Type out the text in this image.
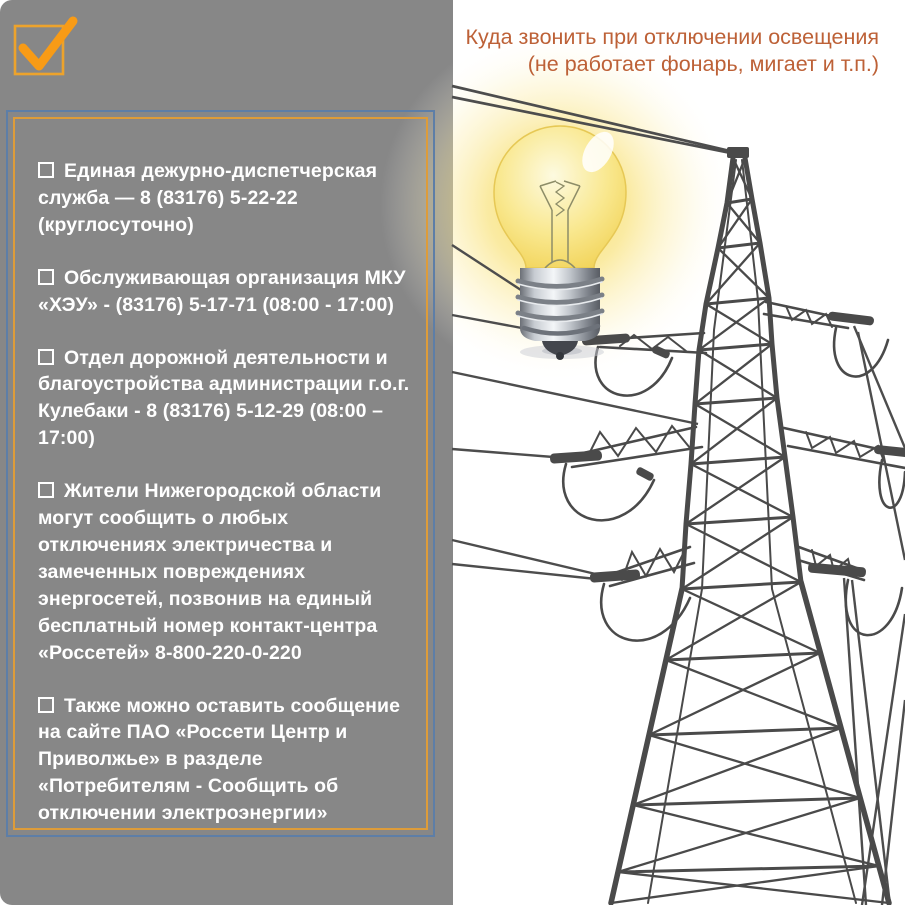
Куда звонить при отключении освещения
(не работает фонарь, мигает и т.п.)

Единая дежурно-диспетчерская служба — 8 (83176) 5-22-22 (круглосуточно)

Обслуживающая организация МКУ «ХЭУ» - (83176) 5-17-71 (08:00 - 17:00)

Отдел дорожной деятельности и благоустройства администрации г.о.г. Кулебаки - 8 (83176) 5-12-29 (08:00 – 17:00)

Жители Нижегородской области могут сообщить о любых отключениях электричества и замеченных повреждениях энергосетей, позвонив на единый бесплатный номер контакт-центра «Россетей» 8-800-220-0-220

Также можно оставить сообщение на сайте ПАО «Россети Центр и Приволжье» в разделе «Потребителям - Сообщить об отключении электроэнергии»
